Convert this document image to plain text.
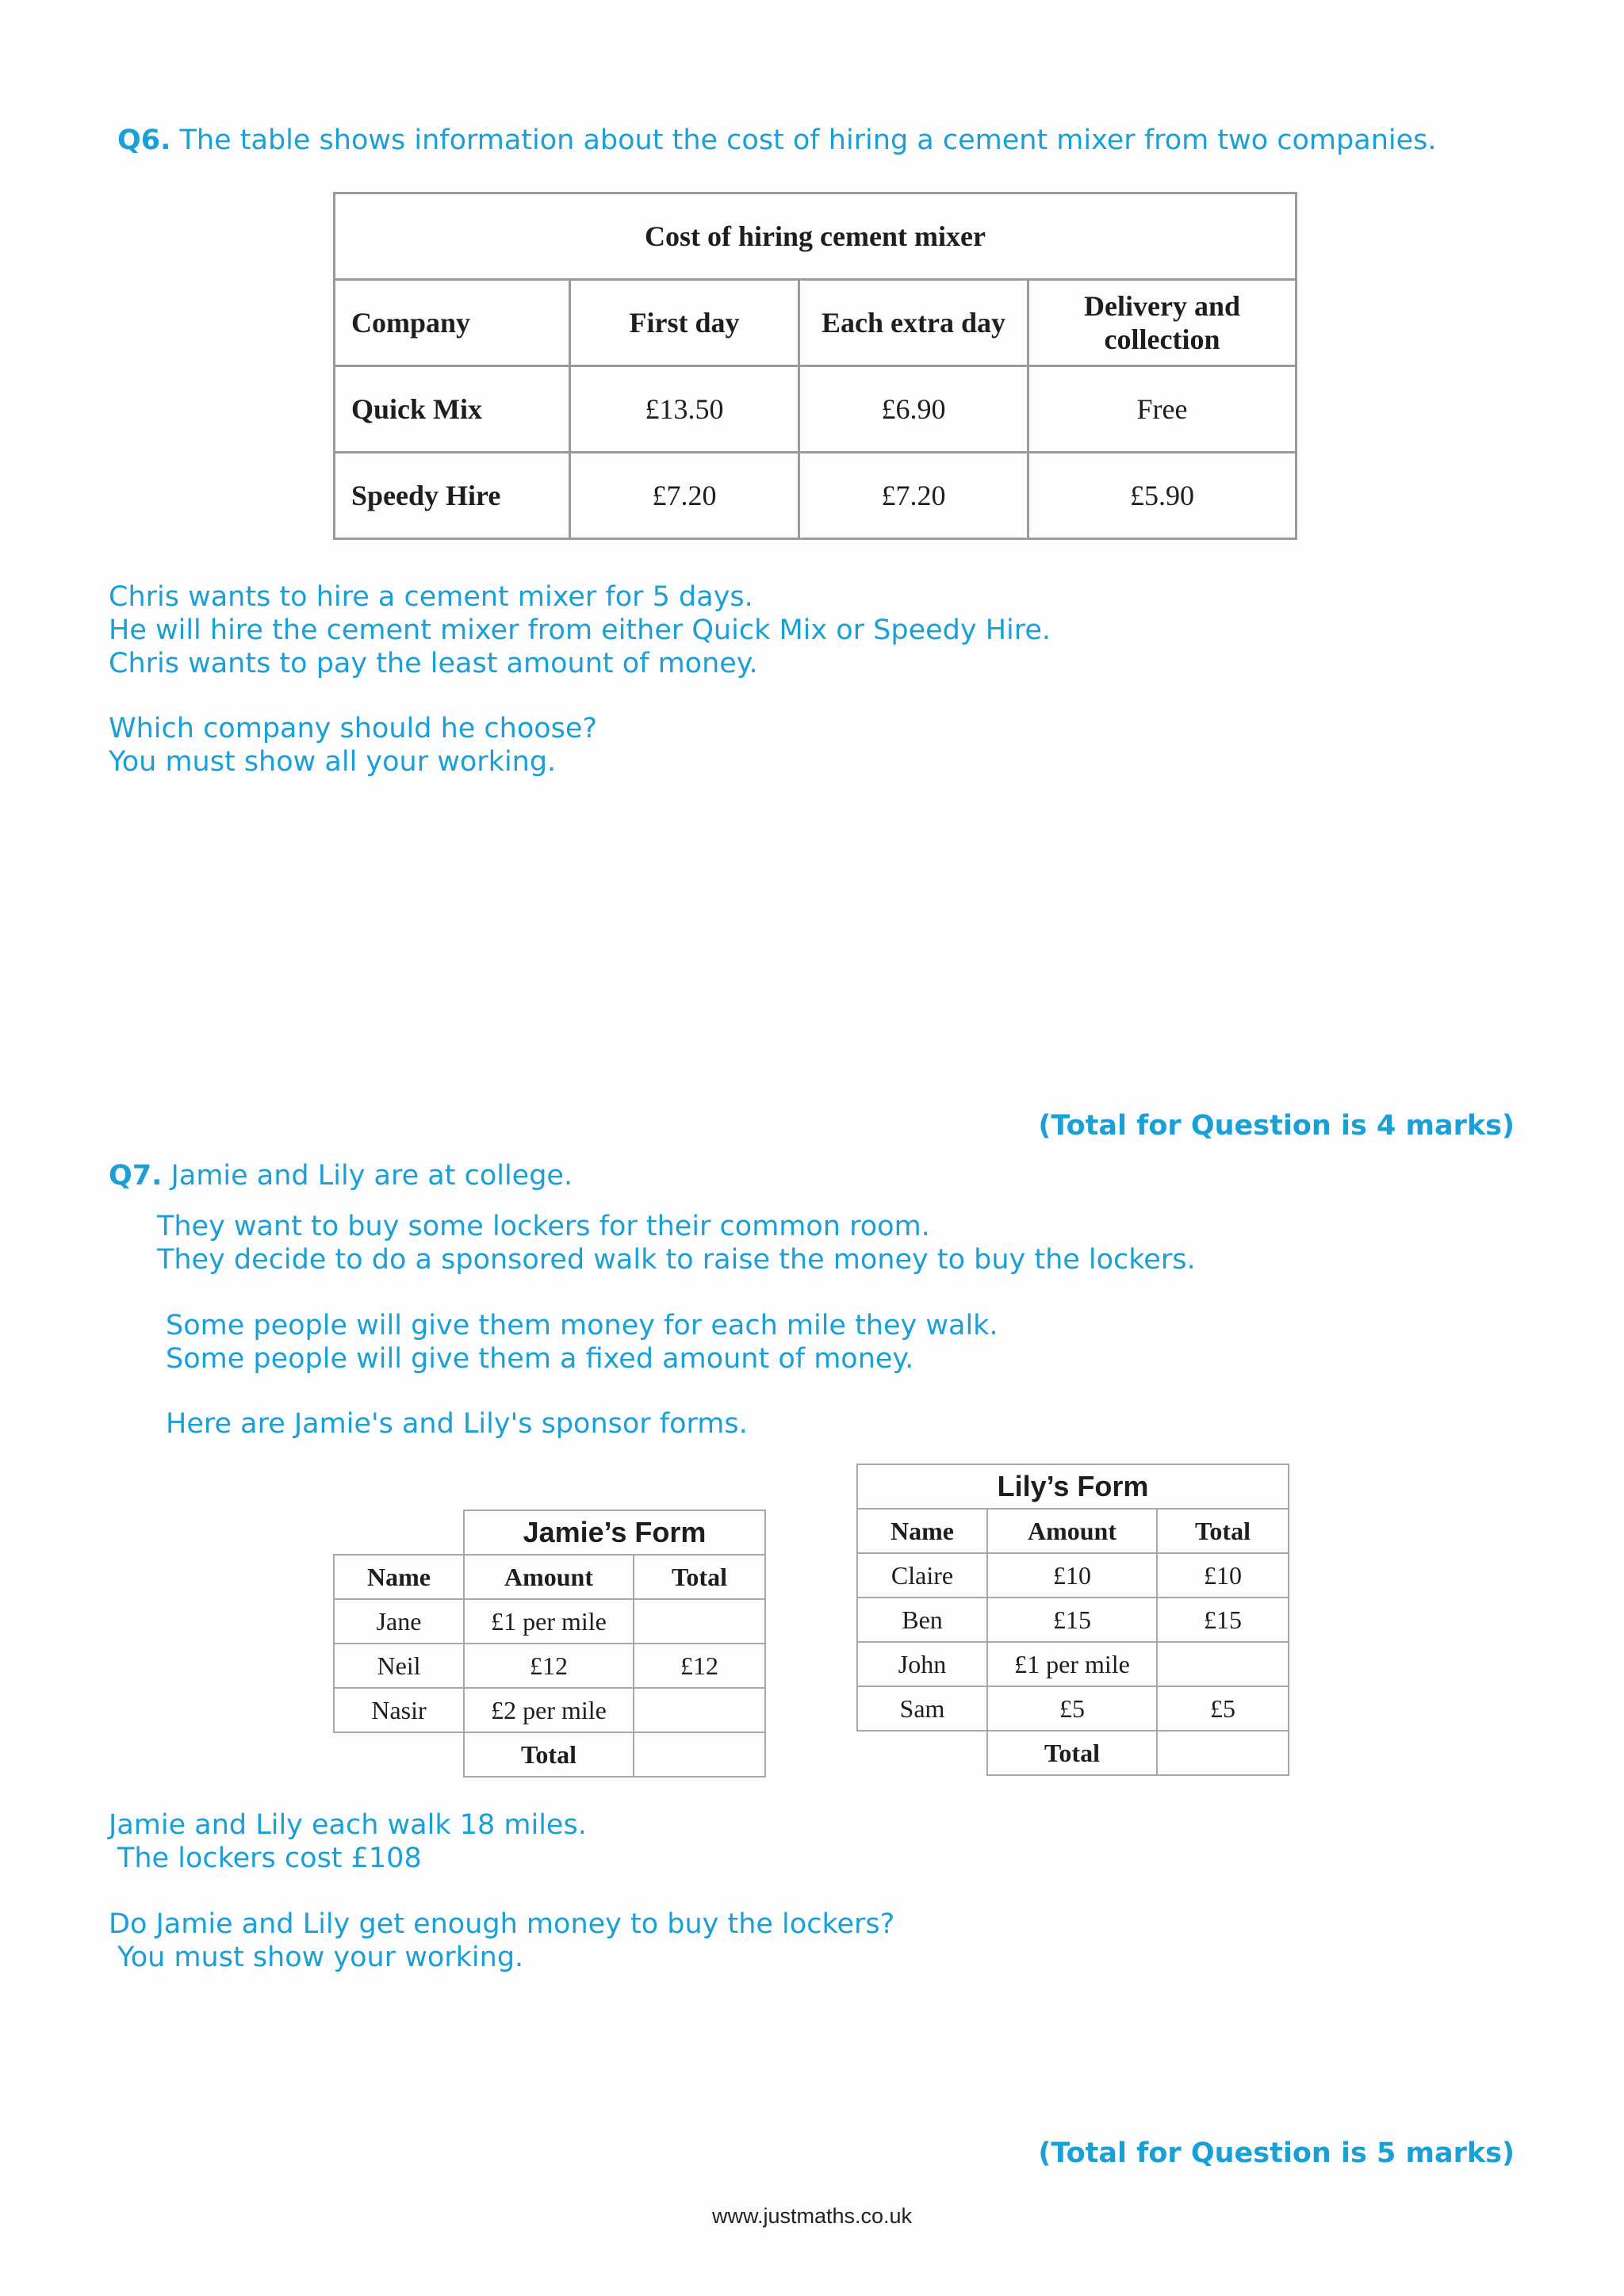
Q6. The table shows information about the cost of hiring a cement mixer from two companies.
Cost of hiring cement mixer			
Company	First day	Each extra day	Delivery and collection
Quick Mix	£13.50	£6.90	Free
Speedy Hire	£7.20	£7.20	£5.90
Chris wants to hire a cement mixer for 5 days.
He will hire the cement mixer from either Quick Mix or Speedy Hire.
Chris wants to pay the least amount of money.
Which company should he choose?
You must show all your working.
(Total for Question is 4 marks)
Q7. Jamie and Lily are at college.
They want to buy some lockers for their common room.
They decide to do a sponsored walk to raise the money to buy the lockers.
Some people will give them money for each mile they walk.
Some people will give them a fixed amount of money.
Here are Jamie's and Lily's sponsor forms.
	Jamie’s Form	
Name	Amount	Total
Jane	£1 per mile	
Neil	£12	£12
Nasir	£2 per mile	
	Total	
Lily’s Form		
Name	Amount	Total
Claire	£10	£10
Ben	£15	£15
John	£1 per mile	
Sam	£5	£5
	Total	
Jamie and Lily each walk 18 miles.
The lockers cost £108
Do Jamie and Lily get enough money to buy the lockers?
You must show your working.
(Total for Question is 5 marks)
www.justmaths.co.uk
